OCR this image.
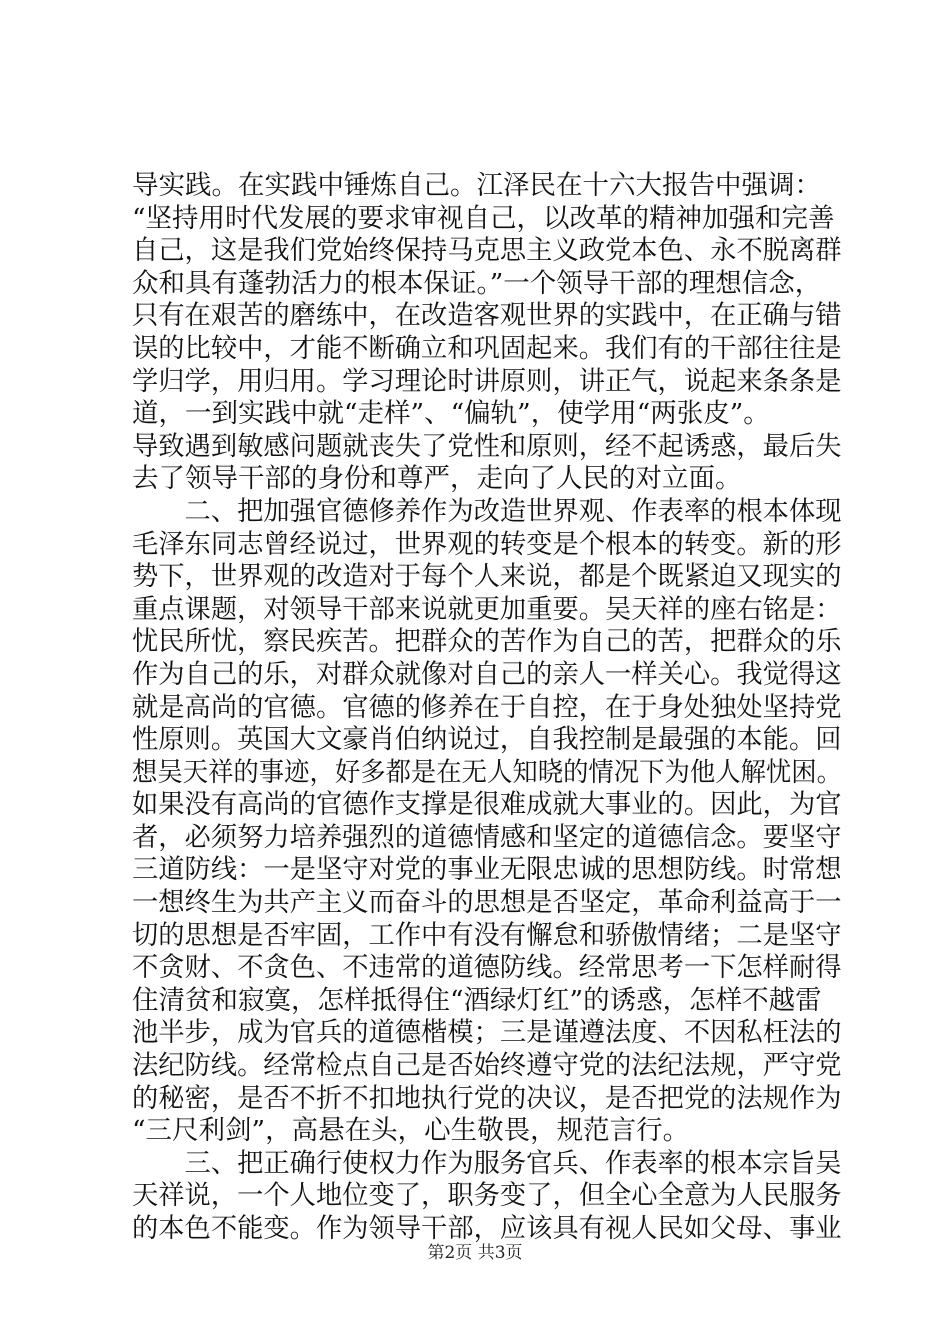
导实践。在实践中锤炼自己。江泽民在十六大报告中强调：
“坚持用时代发展的要求审视自己，以改革的精神加强和完善
自己，这是我们党始终保持马克思主义政党本色、永不脱离群
众和具有蓬勃活力的根本保证。”一个领导干部的理想信念，
只有在艰苦的磨练中，在改造客观世界的实践中，在正确与错
误的比较中，才能不断确立和巩固起来。我们有的干部往往是
学归学，用归用。学习理论时讲原则，讲正气，说起来条条是
道，一到实践中就“走样”、“偏轨”，使学用“两张皮”。
导致遇到敏感问题就丧失了党性和原则，经不起诱惑，最后失
去了领导干部的身份和尊严，走向了人民的对立面。
　　二、把加强官德修养作为改造世界观、作表率的根本体现
毛泽东同志曾经说过，世界观的转变是个根本的转变。新的形
势下，世界观的改造对于每个人来说，都是个既紧迫又现实的
重点课题，对领导干部来说就更加重要。吴天祥的座右铭是：
忧民所忧，察民疾苦。把群众的苦作为自己的苦，把群众的乐
作为自己的乐，对群众就像对自己的亲人一样关心。我觉得这
就是高尚的官德。官德的修养在于自控，在于身处独处坚持党
性原则。英国大文豪肖伯纳说过，自我控制是最强的本能。回
想吴天祥的事迹，好多都是在无人知晓的情况下为他人解忧困。
如果没有高尚的官德作支撑是很难成就大事业的。因此，为官
者，必须努力培养强烈的道德情感和坚定的道德信念。要坚守
三道防线：一是坚守对党的事业无限忠诚的思想防线。时常想
一想终生为共产主义而奋斗的思想是否坚定，革命利益高于一
切的思想是否牢固，工作中有没有懈怠和骄傲情绪；二是坚守
不贪财、不贪色、不违常的道德防线。经常思考一下怎样耐得
住清贫和寂寞，怎样抵得住“酒绿灯红”的诱惑，怎样不越雷
池半步，成为官兵的道德楷模；三是谨遵法度、不因私枉法的
法纪防线。经常检点自己是否始终遵守党的法纪法规，严守党
的秘密，是否不折不扣地执行党的决议，是否把党的法规作为
“三尺利剑”，高悬在头，心生敬畏，规范言行。
　　三、把正确行使权力作为服务官兵、作表率的根本宗旨吴
天祥说，一个人地位变了，职务变了，但全心全意为人民服务
的本色不能变。作为领导干部，应该具有视人民如父母、事业
第2页 共3页
